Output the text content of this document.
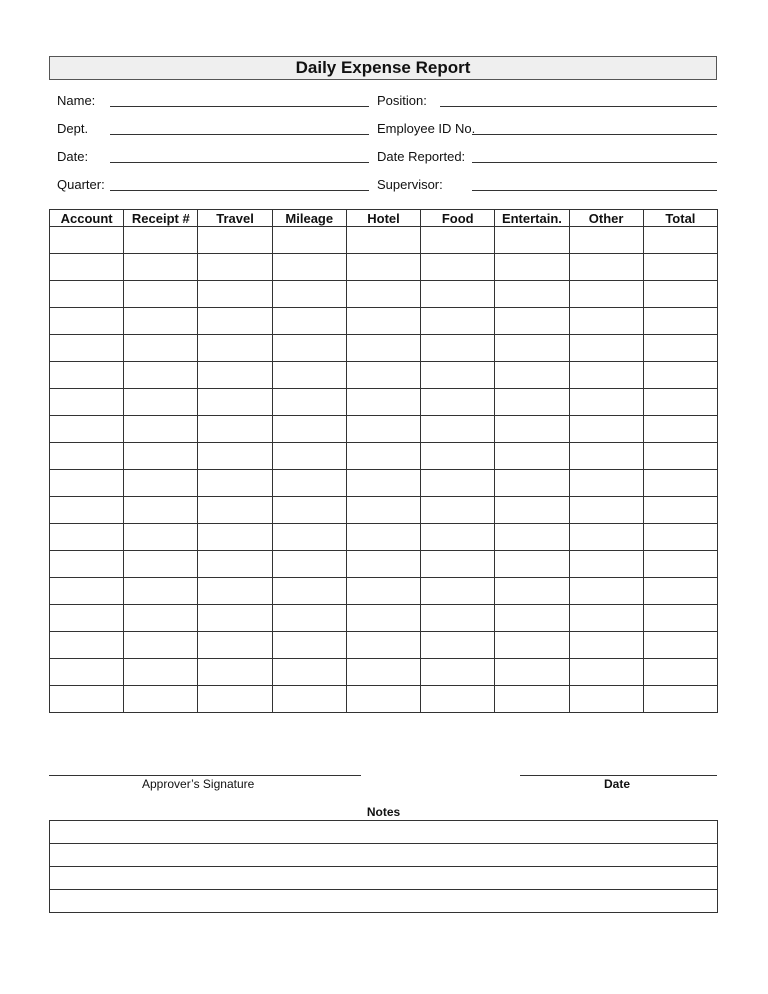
Daily Expense Report
Name:	Position:
Dept.	Employee ID No.
Date:	Date Reported:
Quarter:	Supervisor:
Account	Receipt #	Travel	Mileage	Hotel	Food	Entertain.	Other	Total

Approver’s Signature	Date
Notes
